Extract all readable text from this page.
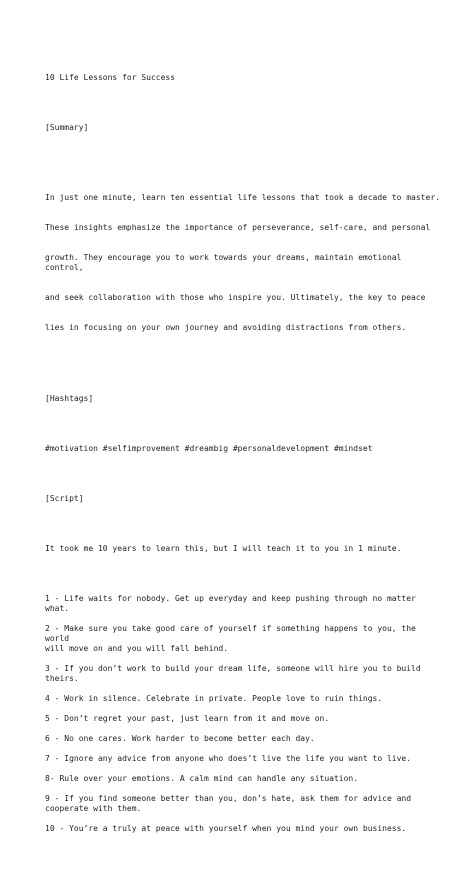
10 Life Lessons for Success

[Summary]

In just one minute, learn ten essential life lessons that took a decade to master.

These insights emphasize the importance of perseverance, self-care, and personal

growth. They encourage you to work towards your dreams, maintain emotional control,

and seek collaboration with those who inspire you. Ultimately, the key to peace

lies in focusing on your own journey and avoiding distractions from others.

[Hashtags]

#motivation #selfimprovement #dreambig #personaldevelopment #mindset

[Script]

It took me 10 years to learn this, but I will teach it to you in 1 minute.

1 - Life waits for nobody. Get up everyday and keep pushing through no matter what.
2 - Make sure you take good care of yourself if something happens to you, the world
will move on and you will fall behind.
3 - If you don’t work to build your dream life, someone will hire you to build
theirs.
4 - Work in silence. Celebrate in private. People love to ruin things.
5 - Don’t regret your past, just learn from it and move on.
6 - No one cares. Work harder to become better each day.
7 - Ignore any advice from anyone who does’t live the life you want to live.
8- Rule over your emotions. A calm mind can handle any situation.
9 - If you find someone better than you, don’s hate, ask them for advice and
cooperate with them.
10 - You’re a truly at peace with yourself when you mind your own business.
